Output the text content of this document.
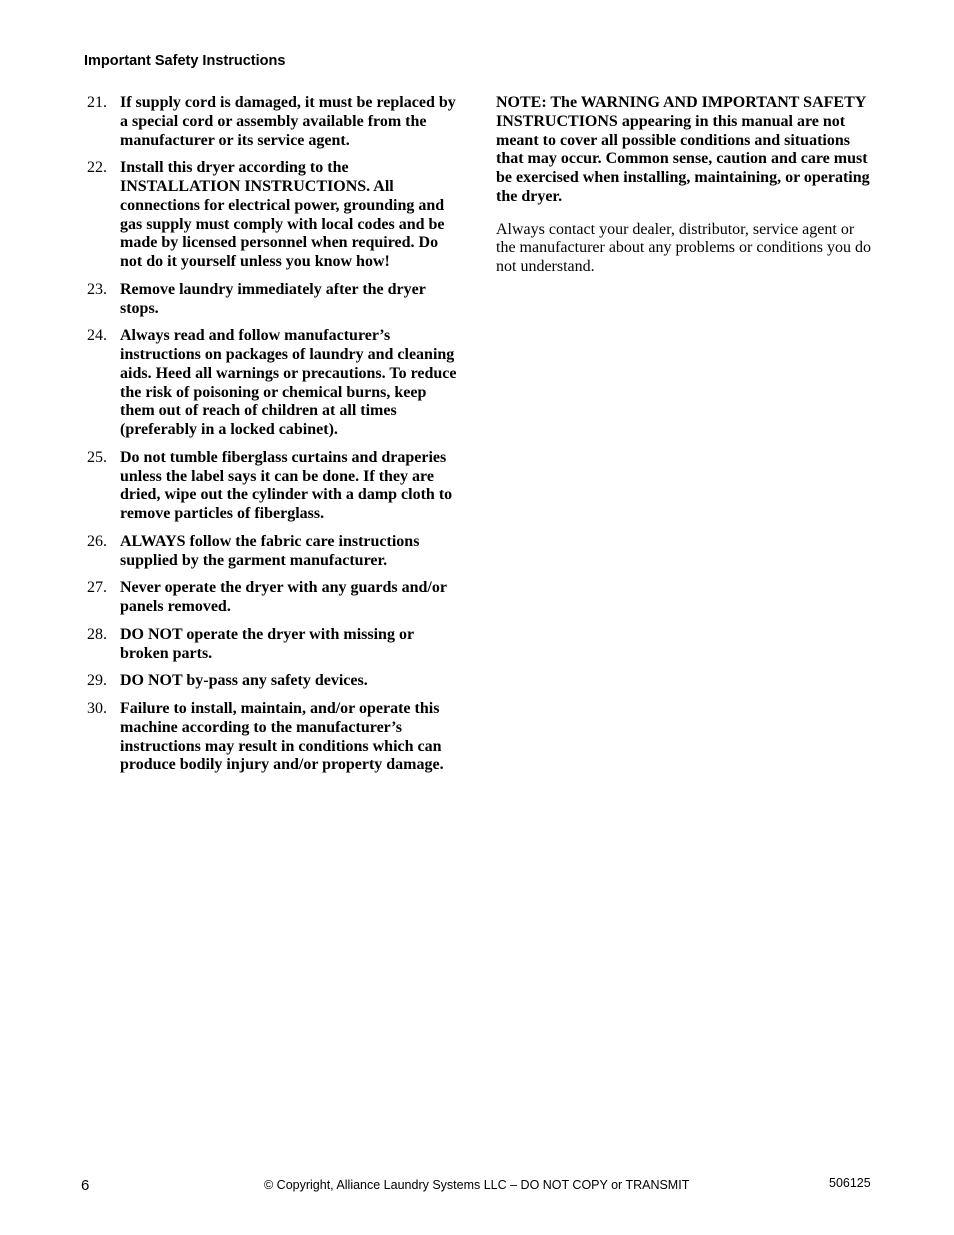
Important Safety Instructions
21. If supply cord is damaged, it must be replaced by a special cord or assembly available from the manufacturer or its service agent.
22. Install this dryer according to the INSTALLATION INSTRUCTIONS. All connections for electrical power, grounding and gas supply must comply with local codes and be made by licensed personnel when required. Do not do it yourself unless you know how!
23. Remove laundry immediately after the dryer stops.
24. Always read and follow manufacturer’s instructions on packages of laundry and cleaning aids. Heed all warnings or precautions. To reduce the risk of poisoning or chemical burns, keep them out of reach of children at all times (preferably in a locked cabinet).
25. Do not tumble fiberglass curtains and draperies unless the label says it can be done. If they are dried, wipe out the cylinder with a damp cloth to remove particles of fiberglass.
26. ALWAYS follow the fabric care instructions supplied by the garment manufacturer.
27. Never operate the dryer with any guards and/or panels removed.
28. DO NOT operate the dryer with missing or broken parts.
29. DO NOT by-pass any safety devices.
30. Failure to install, maintain, and/or operate this machine according to the manufacturer’s instructions may result in conditions which can produce bodily injury and/or property damage.

NOTE: The WARNING AND IMPORTANT SAFETY INSTRUCTIONS appearing in this manual are not meant to cover all possible conditions and situations that may occur. Common sense, caution and care must be exercised when installing, maintaining, or operating the dryer.

Always contact your dealer, distributor, service agent or the manufacturer about any problems or conditions you do not understand.

6	© Copyright, Alliance Laundry Systems LLC – DO NOT COPY or TRANSMIT	506125
